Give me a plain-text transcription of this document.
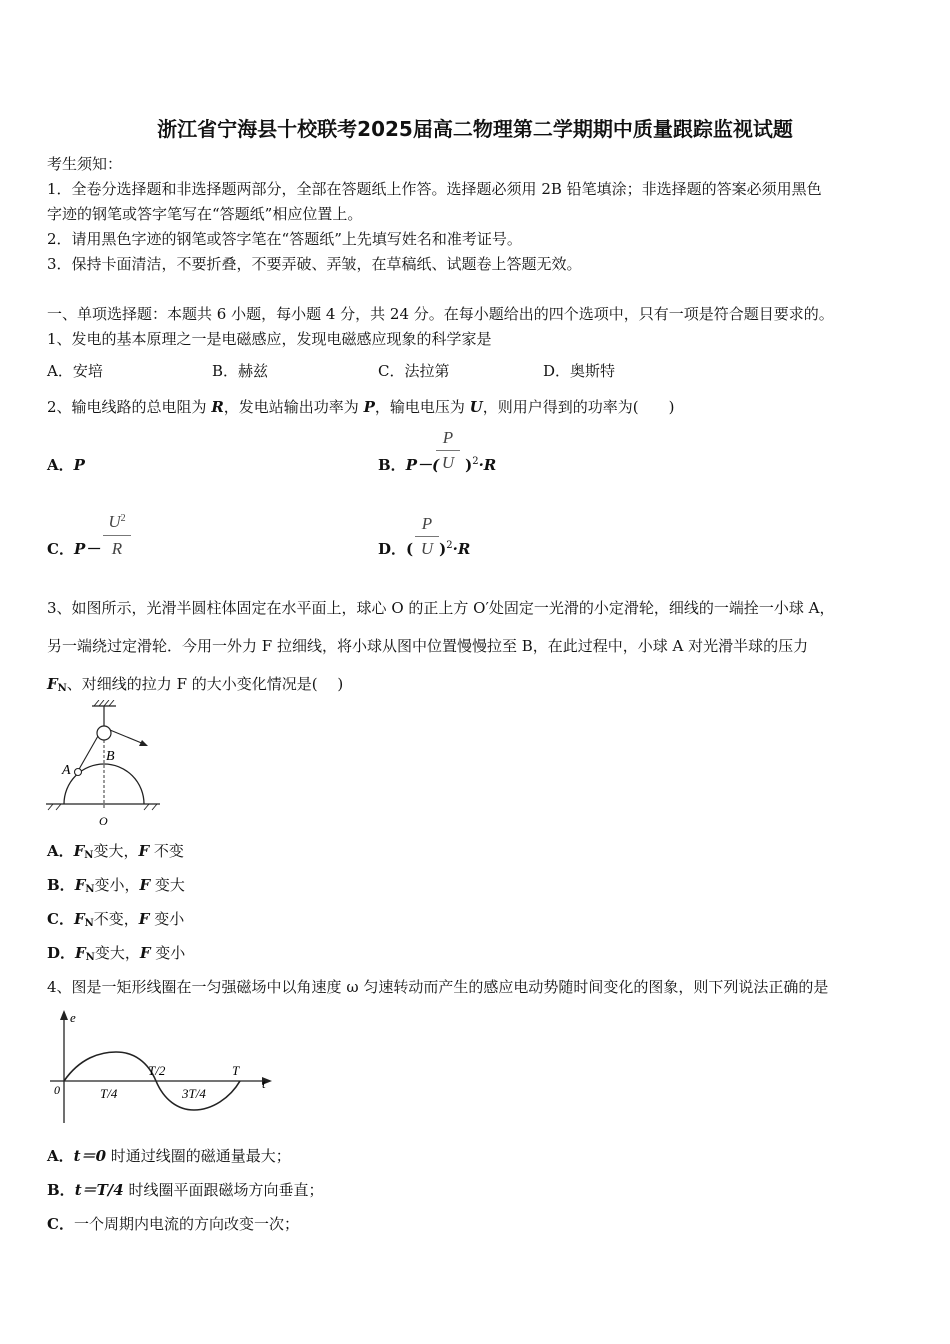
浙江省宁海县十校联考2025届高二物理第二学期期中质量跟踪监视试题
考生须知：
1．全卷分选择题和非选择题两部分，全部在答题纸上作答。选择题必须用 2B 铅笔填涂；非选择题的答案必须用黑色
字迹的钢笔或答字笔写在“答题纸”相应位置上。
2．请用黑色字迹的钢笔或答字笔在“答题纸”上先填写姓名和准考证号。
3．保持卡面清洁，不要折叠，不要弄破、弄皱，在草稿纸、试题卷上答题无效。
一、单项选择题：本题共 6 小题，每小题 4 分，共 24 分。在每小题给出的四个选项中，只有一项是符合题目要求的。
1、发电的基本原理之一是电磁感应，发现电磁感应现象的科学家是
A．安培	B．赫兹	C．法拉第	D．奥斯特
2、输电线路的总电阻为 R，发电站输出功率为 P，输电电压为 U，则用户得到的功率为(　　)
A．P	B．P－( )$^2$·R
P
U
C．P－
$U^2$
R	D．( )$^2$·R
P
U
3、如图所示，光滑半圆柱体固定在水平面上，球心 O 的正上方 O′处固定一光滑的小定滑轮，细线的一端拴一小球 A，
另一端绕过定滑轮．今用一外力 F 拉细线，将小球从图中位置慢慢拉至 B，在此过程中，小球 A 对光滑半球的压力
$F_N$、对细线的拉力 F 的大小变化情况是(　 )
A
B
O
A．$F_N$变大，F 不变
B．$F_N$变小，F 变大
C．$F_N$不变，F 变小
D．$F_N$变大，F 变小
4、图是一矩形线圈在一匀强磁场中以角速度 ω 匀速转动而产生的感应电动势随时间变化的图象，则下列说法正确的是
e
t
0	T/4
T/2
3T/4
T
A．t＝0 时通过线圈的磁通量最大；
B．t＝T/4 时线圈平面跟磁场方向垂直；
C．一个周期内电流的方向改变一次；
